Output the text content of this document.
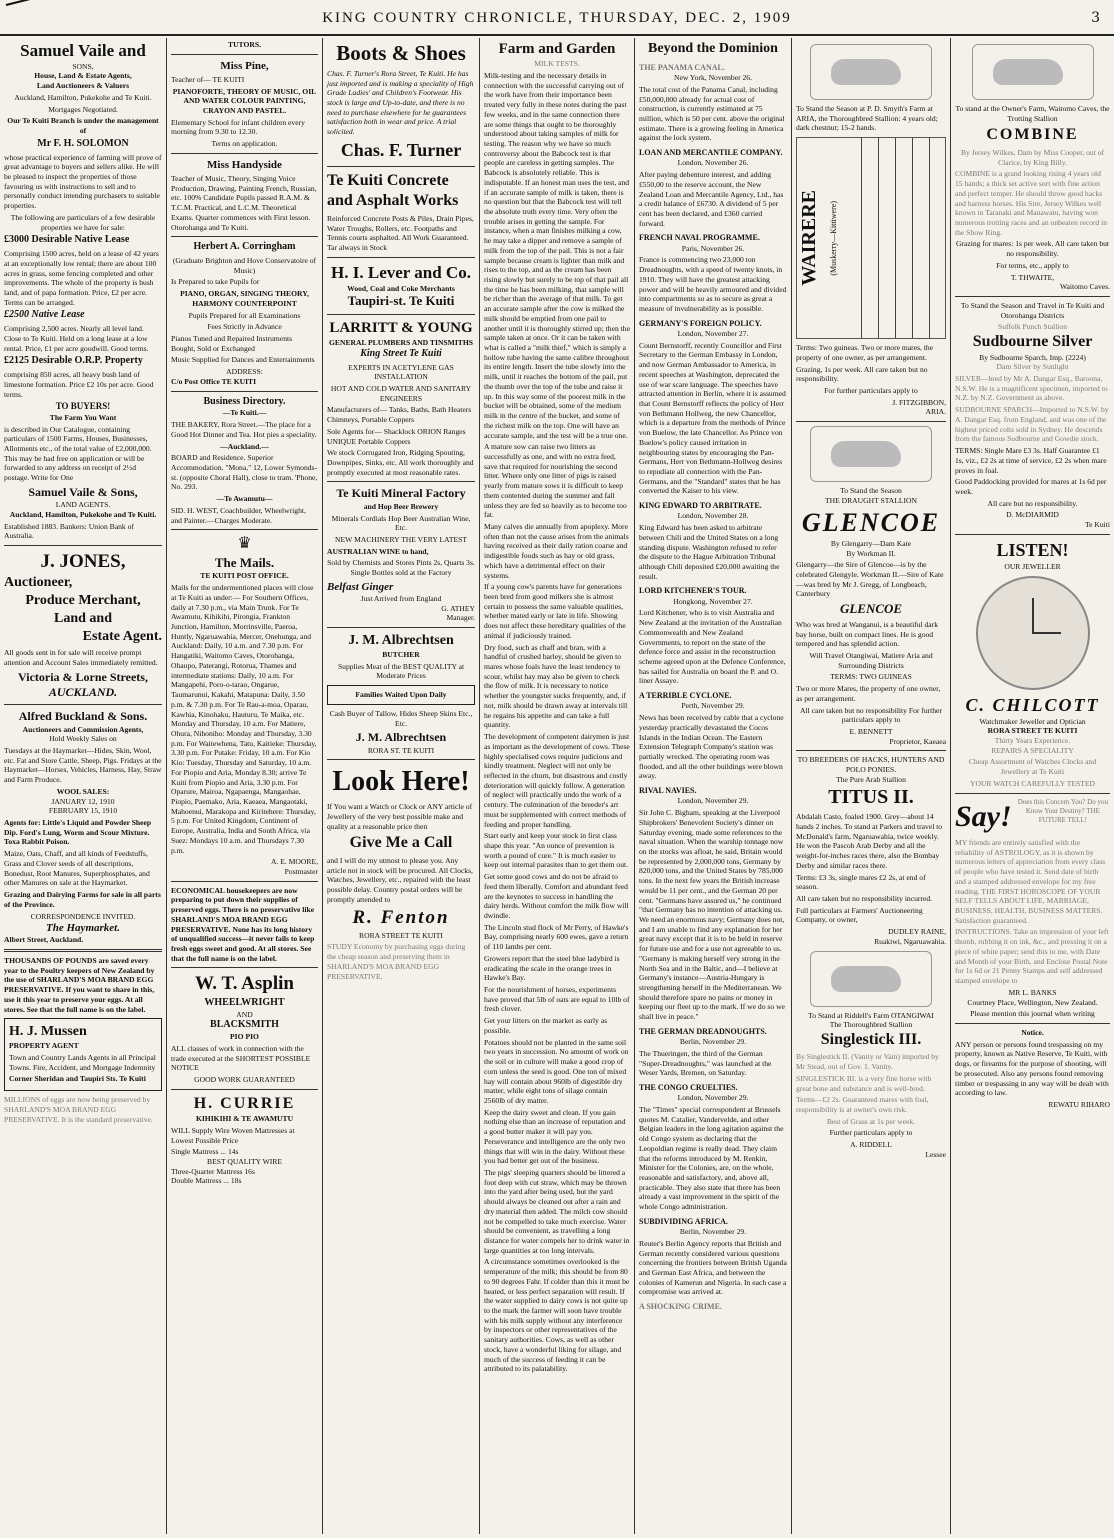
KING COUNTRY CHRONICLE, THURSDAY, DEC. 2, 1909	3
Samuel Vaile and
SONS,
House, Land & Estate Agents,
Land Auctioneers & Valuers

Auckland, Hamilton, Pukekohe and Te Kuiti.

Mortgages Negotiated.

Our Te Kuiti Branch is under the management of

Mr F. H. SOLOMON

whose practical experience of farming will prove of great advantage to buyers and sellers alike. He will be pleased to inspect the properties of those favouring us with instructions to sell and to personally conduct intending purchasers to suitable properties.

The following are particulars of a few desirable properties we have for sale:

£3000 Desirable Native Lease

Comprising 1500 acres, held on a lease of 42 years at an exceptionally low rental; there are about 100 acres in grass, some fencing completed and other improvements. The whole of the property is bush land, and of papa formation. Price, £2 per acre. Terms can be arranged.

£2500 Native Lease

Comprising 2,500 acres. Nearly all level land. Close to Te Kuiti. Held on a long lease at a low rental. Price, £1 per acre goodwill. Good terms.

£2125 Desirable O.R.P. Property

comprising 850 acres, all heavy bush land of limestone formation. Price £2 10s per acre. Good terms.

TO BUYERS!
The Farm You Want

is described in Our Catalogue, containing particulars of 1500 Farms, Houses, Businesses, Allotments etc., of the total value of £2,000,000. This may be had free on application or will be forwarded to any address on receipt of 2½d postage. Write for One

Samuel Vaile & Sons,
LAND AGENTS.
Auckland, Hamilton, Pukekohe and Te Kuiti.

Established 1883. Bankers: Union Bank of Australia.

J. JONES,
Auctioneer,
Produce Merchant,
Land and
Estate Agent.

All goods sent in for sale will receive prompt attention and Account Sales immediately remitted.

Victoria & Lorne Streets,
AUCKLAND.
Alfred Buckland & Sons.
Auctioneers and Commission Agents,
Hold Weekly Sales on

Tuesdays at the Haymarket—Hides, Skin, Wool, etc. Fat and Store Cattle, Sheep, Pigs. Fridays at the Haymarket—Horses, Vehicles, Harness, Hay, Straw and Farm Produce.

WOOL SALES:
JANUARY 12, 1910
FEBRUARY 15, 1910

Agents for: Little's Liquid and Powder Sheep Dip. Ford's Lung, Worm and Scour Mixture. Toxa Rabbit Poison.

Maize, Oats, Chaff, and all kinds of Feedstuffs, Grass and Clover seeds of all descriptions, Bonedust, Root Manures, Superphosphates, and other Manures on sale at the Haymarket.

Grazing and Dairying Farms for sale in all parts of the Province.

CORRESPONDENCE INVITED.
The Haymarket.
Albert Street, Auckland.

THOUSANDS OF POUNDS are saved every year to the Poultry keepers of New Zealand by the use of SHARLAND'S MOA BRAND EGG PRESERVATIVE. If you want to share in this, use it this year to preserve your eggs. At all stores. See that the full name is on the label.

H. J. Mussen
PROPERTY AGENT

Town and Country Lands Agents in all Principal Towns. Fire, Accident, and Mortgage Indemnity

Corner Sheridan and Taupiri Sts. Te Kuiti

MILLIONS of eggs are now being preserved by SHARLAND'S MOA BRAND EGG PRESERVATIVE. It is the standard preservative.

TUTORS.
Miss Pine,

Teacher of— TE KUITI

PIANOFORTE, THEORY OF MUSIC, OIL AND WATER COLOUR PAINTING, CRAYON AND PASTEL.

Elementary School for infant children every morning from 9.30 to 12.30.

Terms on application.

Miss Handyside

Teacher of Music, Theory, Singing Voice Production, Drawing, Painting French, Russian, etc. 100% Candidate Pupils passed R.A.M. & T.C.M. Practical, and L.C.M. Theoretical Exams. Quarter commences with First lesson. Otorohanga and Te Kuiti.

Herbert A. Corringham

(Graduate Brighton and Hove Conservatoire of Music)

Is Prepared to take Pupils for

PIANO, ORGAN, SINGING THEORY, HARMONY COUNTERPOINT

Pupils Prepared for all Examinations

Fees Strictly in Advance

Pianos Tuned and Repaired Instruments Bought, Sold or Exchanged

Music Supplied for Dances and Entertainments

ADDRESS:
C/o Post Office TE KUITI
Business Directory.
—Te Kuiti.—

THE BAKERY, Rora Street.—The place for a Good Hot Dinner and Tea. Hot pies a speciality.

—Auckland.—

BOARD and Residence. Superior Accommodation. "Mona," 12, Lower Symonds-st. (opposite Choral Hall), close to tram. 'Phone, No. 293.

—Te Awamutu—

SID. H. WEST, Coachbuilder, Wheelwright, and Painter.—Charges Moderate.

♛
The Mails.
TE KUITI POST OFFICE.

Mails for the undermentioned places will close at Te Kuiti as under:— For Southern Offices, daily at 7.30 p.m., via Main Trunk. For Te Awamutu, Kihikihi, Pirongia, Frankton Junction, Hamilton, Morrinsville, Paeroa, Huntly, Ngaruawahia, Mercer, Onehunga, and Auckland: Daily, 10 a.m. and 7.30 p.m. For Hangatiki, Waitomo Caves, Otorohanga, Ohaupo, Paterangi, Rotorua, Thames and intermediate stations: Daily, 10 a.m. For Mangapehi, Poro-o-tarao, Ongarue, Taumarunui, Kakahi, Matapuna: Daily, 3.50 p.m. & 7.30 p.m. For Te Rau-a-moa, Oparau, Kawhia, Kinohaku, Hauturu, Te Maika, etc. Monday and Thursday, 10 a.m. For Matiere, Ohura, Nihoniho: Monday and Thursday, 3.30 p.m. For Waitewhena, Tatu, Kaitieke: Thursday, 3.30 p.m. For Putake: Friday, 10 a.m. For Kio Kio: Tuesday, Thursday and Saturday, 10 a.m. For Piopio and Aria, Monday 8.30; arrive Te Kuiti from Piopio and Aria, 3.30 p.m. For Oparure, Mairoa, Ngapaenga, Mangaohae, Piopio, Paemako, Aria, Kaeaea, Mangaotaki, Mahoenui, Marakopa and Kiritehere: Thursday, 5 p.m. For United Kingdom, Continent of Europe, Australia, India and South Africa, via Suez: Mondays 10 a.m. and Thursdays 7.30 p.m.

A. E. MOORE,
Postmaster

ECONOMICAL housekeepers are now preparing to put down their supplies of preserved eggs. There is no preservative like SHARLAND'S MOA BRAND EGG PRESERVATIVE. None has its long history of unqualified success—it never fails to keep fresh eggs sweet and good. At all stores. See that the full name is on the label.

W. T. Asplin
WHEELWRIGHT
AND
BLACKSMITH
PIO PIO

ALL classes of work in connection with the trade executed at the SHORTEST POSSIBLE NOTICE

GOOD WORK GUARANTEED
H. CURRIE
KIHIKIHI & TE AWAMUTU

WILL Supply Wire Woven Mattresses at Lowest Possible Price

Single Mattress ... 14s
BEST QUALITY WIRE
Three-Quarter Mattress 16s
Double Mattress ... 18s
Boots & Shoes

Chas. F. Turner's Rora Street, Te Kuiti. He has just imported and is making a speciality of High Grade Ladies' and Children's Footwear. His stock is large and Up-to-date, and there is no need to purchase elsewhere for he guarantees satisfaction both in wear and price. A trial solicited.

Chas. F. Turner
Te Kuiti Concrete and Asphalt Works

Reinforced Concrete Posts & Piles, Drain Pipes, Water Troughs, Rollers, etc. Footpaths and Tennis courts asphalted. All Work Guaranteed. Tar always in Stock

H. I. Lever and Co.
Wood, Coal and Coke Merchants
Taupiri-st. Te Kuiti
LARRITT & YOUNG
GENERAL PLUMBERS AND TINSMITHS
King Street Te Kuiti

EXPERTS IN ACETYLENE GAS INSTALLATION

HOT AND COLD WATER AND SANITARY ENGINEERS

Manufacturers of— Tanks, Baths, Bath Heaters Chimneys, Portable Coppers

Sole Agents for— Shacklock ORION Ranges UNIQUE Portable Coppers

We stock Corrugated Iron, Ridging Spouting, Downpipes, Sinks, etc. All work thoroughly and promptly executed at most reasonable rates.

Te Kuiti Mineral Factory
and Hop Beer Brewery

Minerals Cordials Hop Beer Australian Wine, Etc.

NEW MACHINERY THE VERY LATEST

AUSTRALIAN WINE to hand,

Sold by Chemists and Stores Pints 2s, Quarts 3s. Single Bottles sold at the Factory

Belfast Ginger
Just Arrived from England
G. ATHEY
Manager.
J. M. Albrechtsen
BUTCHER

Supplies Meat of the BEST QUALITY at Moderate Prices

Families Waited Upon Daily

Cash Buyer of Tallow, Hides Sheep Skins Etc., Etc.

J. M. Albrechtsen
RORA ST. TE KUITI
Look Here!

If You want a Watch or Clock or ANY article of Jewellery of the very best possible make and quality at a reasonable price then

Give Me a Call

and I will do my utmost to please you. Any article not in stock will be procured. All Clocks, Watches, Jewellery, etc., repaired with the least possible delay. Country postal orders will be promptly attended to

R. Fenton
RORA STREET TE KUITI

STUDY Economy by purchasing eggs during the cheap season and preserving them in SHARLAND'S MOA BRAND EGG PRESERVATIVE.

Farm and Garden
MILK TESTS.

Milk-testing and the necessary details in connection with the successful carrying out of the work have from their importance been treated very fully in these notes during the past few weeks, and in the same connection there are some things that ought to be thoroughly understood about taking samples of milk for testing. The reason why we have so much controversy about the Babcock test is that people are careless in getting samples. The Babcock is absolutely reliable. This is indisputable. If an honest man uses the test, and if an accurate sample of milk is taken, there is no question but that the Babcock test will tell the absolute truth every time. Very often the trouble arises in getting the sample. For instance, when a man finishes milking a cow, he may take a dipper and remove a sample of milk from the top of the pail. This is not a fair sample because cream is lighter than milk and rises to the top, and as the cream has been rising slowly but surely to be top of that pail all the time he has been milking, that sample will be richer than the average of that milk. To get an accurate sample after the cow is milked the milk should be emptied from one pail to another until it is thoroughly stirred up; then the sample taken at once. Or it can be taken with what is called a "milk thief," which is simply a hollow tube having the same calibre throughout its entire length. Insert the tube slowly into the milk, until it reaches the bottom of the pail, put the thumb over the top of the tube and raise it up. In this way some of the poorest milk in the bucket will be obtained, some of the medium milk in the centre of the bucket, and some of the richest milk on the top. One will have an accurate sample, and the test will be a true one.

A mature sow can raise two litters as successfully as one, and with no extra feed, save that required for nourishing the second litter. Where only one litter of pigs is raised yearly from mature sows it is difficult to keep them contented during the summer and fall unless they are fed so heavily as to become too fat.

Many calves die annually from apoplexy. More often than not the cause arises from the animals having received as their daily ration coarse and indigestible foods such as hay or old grass, which have a detrimental effect on their systems.

If a young cow's parents have for generations been bred from good milkers she is almost certain to possess the same valuable qualities, whether mated early or late in life. Showing does not affect these hereditary qualities of the animal if judiciously trained.

Dry food, such as chaff and bran, with a handful of crushed barley, should be given to mares whose foals have the least tendency to scour, whilst hay may also be given to check the flow of milk. It is necessary to notice whether the youngster sucks frequently, and, if not, milk should be drawn away at intervals till he regains his appetite and can take a full quantity.

The development of competent dairymen is just as important as the development of cows. These highly specialised cows require judicious and kindly treatment. Neglect will not only be reflected in the churn, but disastrous and costly deterioration will quickly follow. A generation of neglect will practically undo the work of a century. The culmination of the breeder's art must be supplemented with correct methods of feeding and proper handling.

Start early and keep your stock in first class shape this year. "An ounce of prevention is worth a pound of cure." It is much easier to keep out internal parasites than to get them out.

Get some good cows and do not be afraid to feed them liberally. Comfort and abundant feed are the keynotes to success in handling the dairy herds. Without comfort the milk flow will dwindle.

The Lincoln stud flock of Mr Perry, of Hawke's Bay, comprising nearly 600 ewes, gave a return of 110 lambs per cent.

Growers report that the steel blue ladybird is eradicating the scale in the orange trees in Hawke's Bay.

For the nourishment of horses, experiments have proved that 5lb of oats are equal to 10lb of fresh clover.

Get your litters on the market as early as possible.

Potatoes should not be planted in the same soil two years in succession. No amount of work on the soil or in culture will make a good crop of corn unless the seed is good. One ton of mixed hay will contain about 960lb of digestible dry matter, while eight tons of silage contain 2560lb of dry matter.

Keep the dairy sweet and clean. If you gain nothing else than an increase of reputation and a good butter maker it will pay you. Perseverance and intelligence are the only two things that will win in the dairy. Without these you had better get out of the business.

The pigs' sleeping quarters should be littered a foot deep with cut straw, which may be thrown into the yard after being used, but the yard should always be cleaned out after a rain and dry material then added. The milch cow should not be compelled to take much exercise. Water should be convenient, as travelling a long distance for water compels her to drink water in large quantities at too long intervals.

A circumstance sometimes overlooked is the temperature of the milk; this should be from 80 to 90 degrees Fahr. If colder than this it must be heated, or less perfect separation will result. If the water supplied to dairy cows is not quite up to the mark the farmer will soon have trouble with his milk supply without any interference by inspectors or other representatives of the sanitary authorities. Cows, as well as other stock, have a wonderful liking for silage, and much of the success of feeding it can be attributed to its palatability.

Beyond the Dominion
THE PANAMA CANAL.
New York, November 26.

The total cost of the Panama Canal, including £50,000,000 already for actual cost of construction, is currently estimated at 75 million, which is 50 per cent. above the original estimate. There is a growing feeling in America against the lock system.

LOAN AND MERCANTILE COMPANY.
London, November 26.

After paying debenture interest, and adding £550,00 to the reserve account, the New Zealand Loan and Mercantile Agency, Ltd., has a credit balance of £6730. A dividend of 5 per cent has been declared, and £360 carried forward.

FRENCH NAVAL PROGRAMME.
Paris, November 26.

France is commencing two 23,000 ton Dreadnoughts, with a speed of twenty knots, in 1910. They will have the greatest attacking power and will be heavily armoured and divided into compartments so as to secure as great a measure of invulnerability as is possible.

GERMANY'S FOREIGN POLICY.
London, November 27.

Count Bernstorff, recently Councillor and First Secretary to the German Embassy in London, and now German Ambassador to America, in recent speeches at Washington, deprecated the use of war scare language. The speeches have attracted attention in Berlin, where it is assumed that Count Bernstorff reflects the policy of Herr von Bethmann Hollweg, the new Chancellor, which is a departure from the methods of Prince von Buelow, the late Chancellor. As Prince von Buelow's policy caused irritation in neighbouring states by encouraging the Pan-Germans, Herr von Bethmann-Hollweg desires to repudiate all connection with the Pan-Germans, and the "Standard" states that he has converted the Kaiser to his view.

KING EDWARD TO ARBITRATE.
London, November 28.

King Edward has been asked to arbitrate between Chili and the United States on a long standing dispute. Washington refused to refer the dispute to the Hague Arbitration Tribunal although Chili deposited £20,000 awaiting the result.

LORD KITCHENER'S TOUR.
Hongkong, November 27.

Lord Kitchener, who is to visit Australia and New Zealand at the invitation of the Australian Commonwealth and New Zealand Governments, to report on the state of the defence force and assist in the reconstruction scheme agreed upon at the Defence Conference, has sailed for Australia on board the P. and O. liner Assaye.

A TERRIBLE CYCLONE.
Perth, November 29.

News has been received by cable that a cyclone yesterday practically devastated the Cocos Islands in the Indian Ocean. The Eastern Extension Telegraph Company's station was partially wrecked. The operating room was flooded, and all the other buildings were blown away.

RIVAL NAVIES.
London, November 29.

Sir John C. Bigham, speaking at the Liverpool Shipbrokers' Benevolent Society's dinner on Saturday evening, made some references to the naval situation. When the warship tonnage now on the stocks was afloat, he said, Britain would be represented by 2,000,000 tons, Germany by 820,000 tons, and the United States by 785,000 tons. In the next few years the British increase would be 11 per cent., and the German 20 per cent. "Germans have assured us," he continued "that Germany has no intention of attacking us. We need an enormous navy; Germany does not, and I am unable to find any explanation for her great navy except that it is to be held in reserve for future use and for a use not agreeable to us. "Germany is making herself very strong in the North Sea and in the Baltic, and—I believe at Germany's instance—Austria-Hungary is strengthening herself in the Mediterranean. We should therefore spare no pains or money in keeping our fleet up to the mark. If we do so we shall live in peace."

THE GERMAN DREADNOUGHTS.
Berlin, November 29.

The Thueringen, the third of the German "Super-Dreadnoughts," was launched at the Weser Yards, Bremen, on Saturday.

THE CONGO CRUELTIES.
London, November 29.

The "Times" special correspondent at Brussels quotes M. Catalier, Vandervelde, and other Belgian leaders in the long agitation against the old Congo system as declaring that the Leopoldian regime is really dead. They claim that the reforms introduced by M. Renkin, Minister for the Colonies, are, on the whole, reasonable and satisfactory, and, above all, practicable. They also state that there has been already a vast improvement in the spirit of the whole Congo administration.

SUBDIVIDING AFRICA.
Berlin, November 29.

Reuter's Berlin Agency reports that British and German recently considered various questions concerning the frontiers between British Uganda and German East Africa, and between the colonies of Kamerun and Nigeria. In each case a compromise was arrived at.

A SHOCKING CRIME.

To Stand the Season at P. D. Smyth's Farm at ARIA, the Thoroughbred Stallion: 4 years old; dark chestnut; 15-2 hands.

WAIRERE	(Muskerry—Kittiwere)

Terms: Two guineas. Two or more mares, the property of one owner, as per arrangement.

Grazing, 1s per week. All care taken but no responsibility.

For further particulars apply to

J. FITZGIBBON,
ARIA.
To Stand the Season
THE DRAUGHT STALLION
GLENCOE
By Glengarry—Dam Kate
By Workman II.

Glengarry—the Sire of Glencoe—is by the celebrated Glengyle. Workman II.—Sire of Kate—was bred by Mr J. Gregg, of Longbeach, Canterbury

GLENCOE

Who was bred at Wanganui, is a beautiful dark bay horse, built on compact lines. He is good tempered and has splendid action.

Will Travel Otangiwai, Matiere Aria and Surrounding Districts

TERMS: TWO GUINEAS

Two or more Mares, the property of one owner, as per arrangement.

All care taken but no responsibility For further particulars apply to

E. BENNETT
Proprietor, Kaeaea
TO BREEDERS OF HACKS, HUNTERS AND POLO PONIES.
The Pure Arab Stallion
TITUS II.

Abdalah Casto, foaled 1900. Grey—about 14 hands 2 inches. To stand at Parkers and travel to McDonald's farm, Ngaruawahia, twice weekly. He won the Pascoh Arab Derby and all the weight-for-inches races there, also the Bombay Derby and similar races there.

Terms: £3 3s, single mares £2 2s, at end of season.

All care taken but no responsibility incurred.

Full particulars at Farmers' Auctioneering Company, or owner,

DUDLEY RAINE,
Ruakiwi, Ngaruawahia.
To Stand at Riddell's Farm OTANGIWAI
The Thoroughbred Stallion
Singlestick III.

By Singlestick II. (Vanity or Vain) imported by Mr Stead, out of Gov. 1. Vanity.

SINGLESTICK III. is a very fine horse with great bone and substance and is well-bred.

Terms—£2 2s. Guaranteed mares with foal, responsibility is at owner's own risk.

Best of Grass at 1s per week.

Further particulars apply to

A. RIDDELL
Lessee

To stand at the Owner's Farm, Waitomo Caves, the Trotting Stallion

COMBINE

By Jersey Wilkes, Dam by Miss Cooper, out of Clarice, by King Billy.

COMBINE is a grand looking rising 4 years old 15 hands; a thick set active sort with fine action and perfect temper. He should throw good hacks and harness horses. His Sire, Jersey Wilkes well known in Taranaki and Manawatu, having won numerous trotting races and an unbeaten record in the Show Ring.

Grazing for mares: 1s per week. All care taken but no responsibility.

For terms, etc., apply to

T. THWAITE,
Waitomo Caves.

To Stand the Season and Travel in Te Kuiti and Otorohanga Districts

Suffolk Punch Stallion
Sudbourne Silver
By Sudbourne Sparch, Imp. (2224)
Dam Silver by Sunlight

SILVER—bred by Mr A. Dangar Esq., Baroona, N.S.W. He is a magnificent specimen, imported to N.Z. by N.Z. Government as above.

SUDBOURNE SPARCH—Imported to N.S.W. by A. Dangar Esq. from England, and was one of the highest priced colts sold in Sydney. He descends from the famous Sudbourne and Gowdie stock.

TERMS: Single Mare £3 3s. Half Guarantee £1 1s, viz., £2 2s at time of service, £2 2s when mare proves in foal.

Good Paddocking provided for mares at 1s 6d per week.

All care but no responsibility.

D. McDIARMID
Te Kuiti
LISTEN!
OUR JEWELLER
C. CHILCOTT
Watchmaker Jeweller and Optician
RORA STREET TE KUITI
Thirty Years Experience.
REPAIRS A SPECIALITY

Cheap Assortment of Watches Clocks and Jewellery at Te Kuiti

YOUR WATCH CAREFULLY TESTED

Say! Does this Concern You? Do you Know Your Destiny? THE FUTURE TELL!

MY friends are entirely satisfied with the reliability of ASTROLOGY, as it is shown by numerous letters of appreciation from every class of people who have tested it. Send date of birth and a stamped addressed envelope for my free reading. THE FIRST HOROSCOPE OF YOUR SELF TELLS ABOUT LIFE, MARRIAGE, BUSINESS, HEALTH, BUSINESS MATTERS. Satisfaction guaranteed.

INSTRUCTIONS. Take an impression of your left thumb, rubbing it on ink, &c., and pressing it on a piece of white paper; send this to me, with Date and Month of your Birth, and Enclose Postal Note for 1s 6d or 21 Penny Stamps and self addressed stamped envelope to

MR L. BANKS
Courtney Place, Wellington, New Zealand.

Please mention this journal when writing

Notice.

ANY person or persons found trespassing on my property, known as Native Reserve, Te Kuiti, with dogs, or firearms for the purpose of shooting, will be prosecuted. Also any persons found removing timber or trespassing in any way will be dealt with according to law.

REWATU RIHARO
